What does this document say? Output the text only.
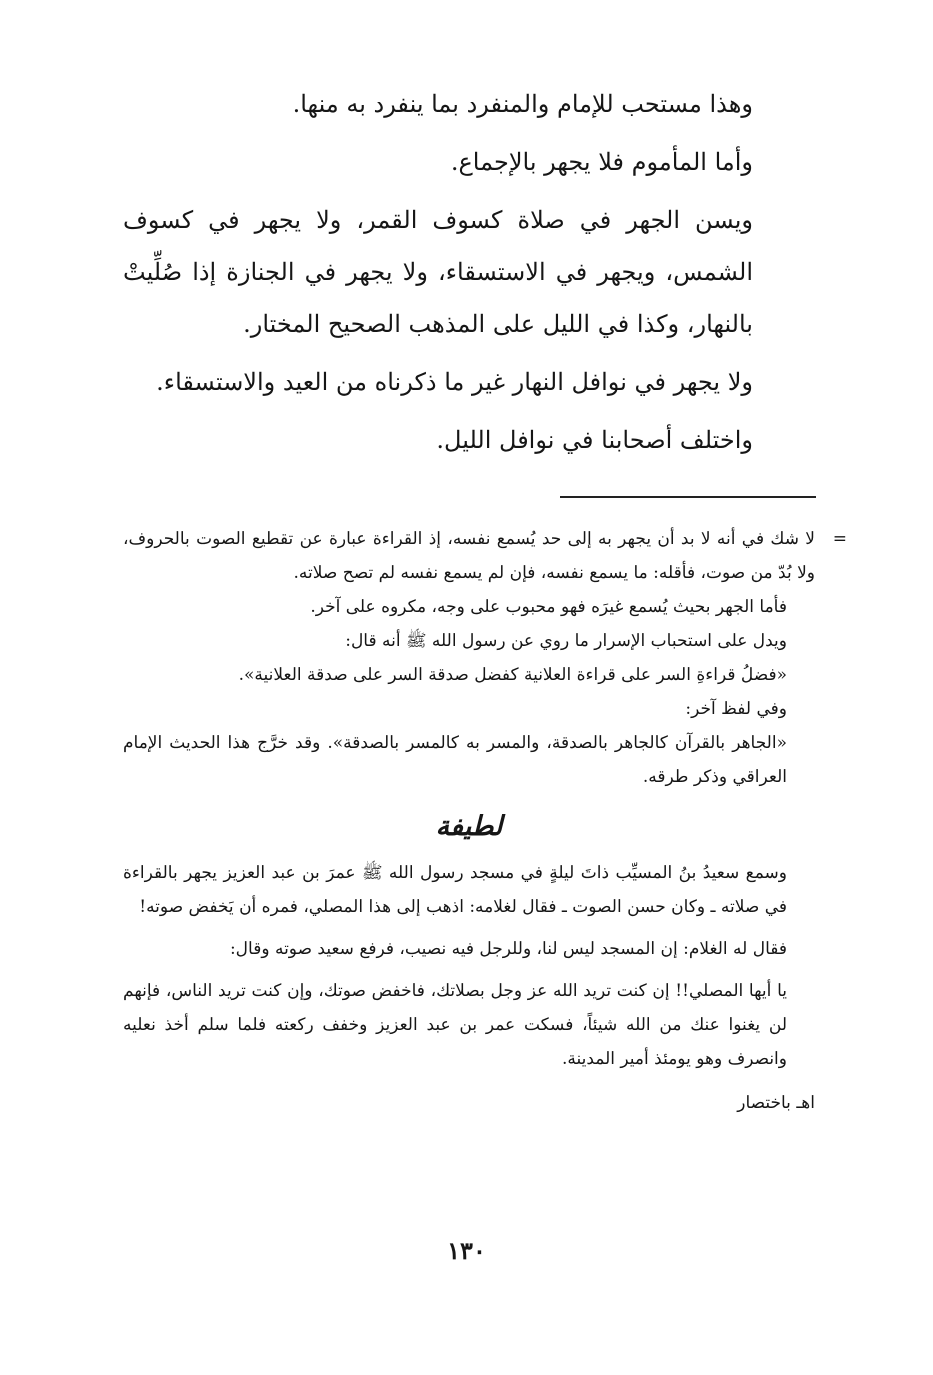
وهذا مستحب للإمام والمنفرد بما ينفرد به منها.

وأما المأموم فلا يجهر بالإجماع.

ويسن الجهر في صلاة كسوف القمر، ولا يجهر في كسوف الشمس، ويجهر في الاستسقاء، ولا يجهر في الجنازة إذا صُلِّيتْ بالنهار، وكذا في الليل على المذهب الصحيح المختار.

ولا يجهر في نوافل النهار غير ما ذكرناه من العيد والاستسقاء.

واختلف أصحابنا في نوافل الليل.

=

لا شك في أنه لا بد أن يجهر به إلى حد يُسمع نفسه، إذ القراءة عبارة عن تقطيع الصوت بالحروف، ولا بُدّ من صوت، فأقله: ما يسمع نفسه، فإن لم يسمع نفسه لم تصح صلاته.

فأما الجهر بحيث يُسمع غيرَه فهو محبوب على وجه، مكروه على آخر.

ويدل على استحباب الإسرار ما روي عن رسول الله ﷺ أنه قال:

«فضلُ قراءةِ السر على قراءة العلانية كفضل صدقة السر على صدقة العلانية».

وفي لفظ آخر:

«الجاهر بالقرآن كالجاهر بالصدقة، والمسر به كالمسر بالصدقة». وقد خرَّج هذا الحديث الإمام العراقي وذكر طرقه.

لطيفة

وسمع سعيدُ بنُ المسيِّب ذاتَ ليلةٍ في مسجد رسول الله ﷺ عمرَ بن عبد العزيز يجهر بالقراءة في صلاته ـ وكان حسن الصوت ـ فقال لغلامه: اذهب إلى هذا المصلي، فمره أن يَخفض صوته!

فقال له الغلام: إن المسجد ليس لنا، وللرجل فيه نصيب، فرفع سعيد صوته وقال:

يا أيها المصلي!! إن كنت تريد الله عز وجل بصلاتك، فاخفض صوتك، وإن كنت تريد الناس، فإنهم لن يغنوا عنك من الله شيئاً، فسكت عمر بن عبد العزيز وخفف ركعته فلما سلم أخذ نعليه وانصرف وهو يومئذ أمير المدينة.

اهـ باختصار

١٣٠
